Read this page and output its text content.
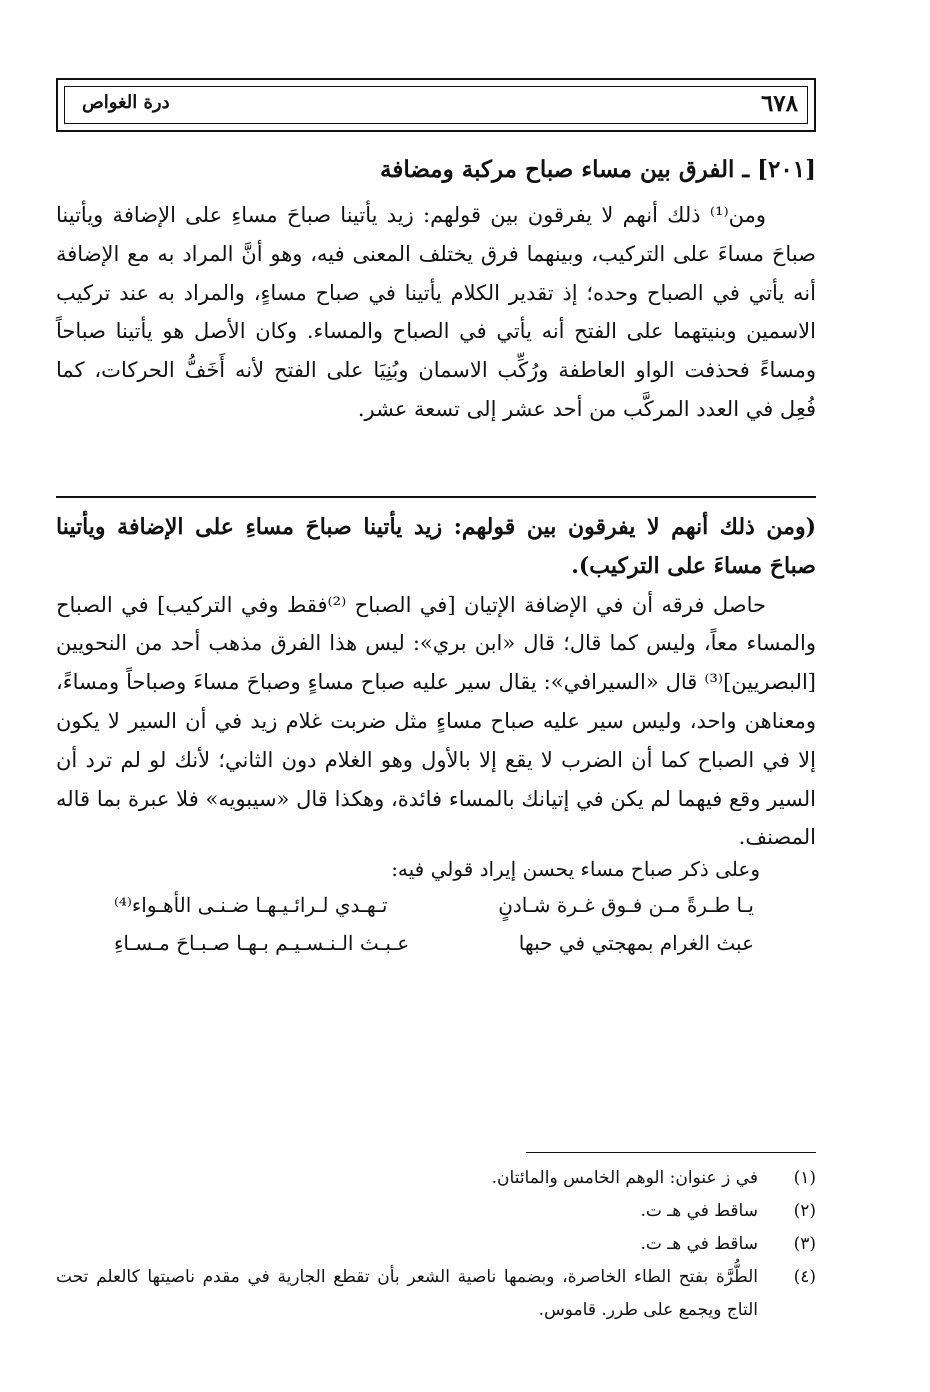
٦٧٨
درة الغواص
[٢٠١] ـ الفرق بين مساء صباح مركبة ومضافة

ومن⁽¹⁾ ذلك أنهم لا يفرقون بين قولهم: زيد يأتينا صباحَ مساءِ على الإضافة ويأتينا صباحَ مساءَ على التركيب، وبينهما فرق يختلف المعنى فيه، وهو أنَّ المراد به مع الإضافة أنه يأتي في الصباح وحده؛ إذ تقدير الكلام يأتينا في صباح مساءٍ، والمراد به عند تركيب الاسمين وبنيتهما على الفتح أنه يأتي في الصباح والمساء. وكان الأصل هو يأتينا صباحاً ومساءً فحذفت الواو العاطفة ورُكِّب الاسمان وبُنِيَا على الفتح لأنه أَخَفُّ الحركات، كما فُعِل في العدد المركَّب من أحد عشر إلى تسعة عشر.

(ومن ذلك أنهم لا يفرقون بين قولهم: زيد يأتينا صباحَ مساءِ على الإضافة ويأتينا صباحَ مساءَ على التركيب).

حاصل فرقه أن في الإضافة الإتيان [في الصباح ⁽²⁾فقط وفي التركيب] في الصباح والمساء معاً، وليس كما قال؛ قال «ابن بري»: ليس هذا الفرق مذهب أحد من النحويين [البصريين]⁽³⁾ قال «السيرافي»: يقال سير عليه صباح مساءٍ وصباحَ مساءَ وصباحاً ومساءً، ومعناهن واحد، وليس سير عليه صباح مساءٍ مثل ضربت غلام زيد في أن السير لا يكون إلا في الصباح كما أن الضرب لا يقع إلا بالأول وهو الغلام دون الثاني؛ لأنك لو لم ترد أن السير وقع فيهما لم يكن في إتيانك بالمساء فائدة، وهكذا قال «سيبويه» فلا عبرة بما قاله المصنف.

وعلى ذكر صباح مساء يحسن إيراد قولي فيه:
يـا طـرةً مـن فـوق غـرة شـادنٍ
تـهـدي لـرائـيـهـا ضـنـى الأهـواء⁽⁴⁾
عبث الغرام بمهجتي في حبها
عـبـث الـنـسـيـم بـهـا صـبـاحَ مـسـاءِ
(١)
في ز عنوان: الوهم الخامس والمائتان.
(٢)
ساقط في هـ ت.
(٣)
ساقط في هـ ت.
(٤)
الطُّرَّة بفتح الطاء الخاصرة، وبضمها ناصية الشعر بأن تقطع الجارية في مقدم ناصيتها كالعلم تحت التاج ويجمع على طرر. قاموس.
